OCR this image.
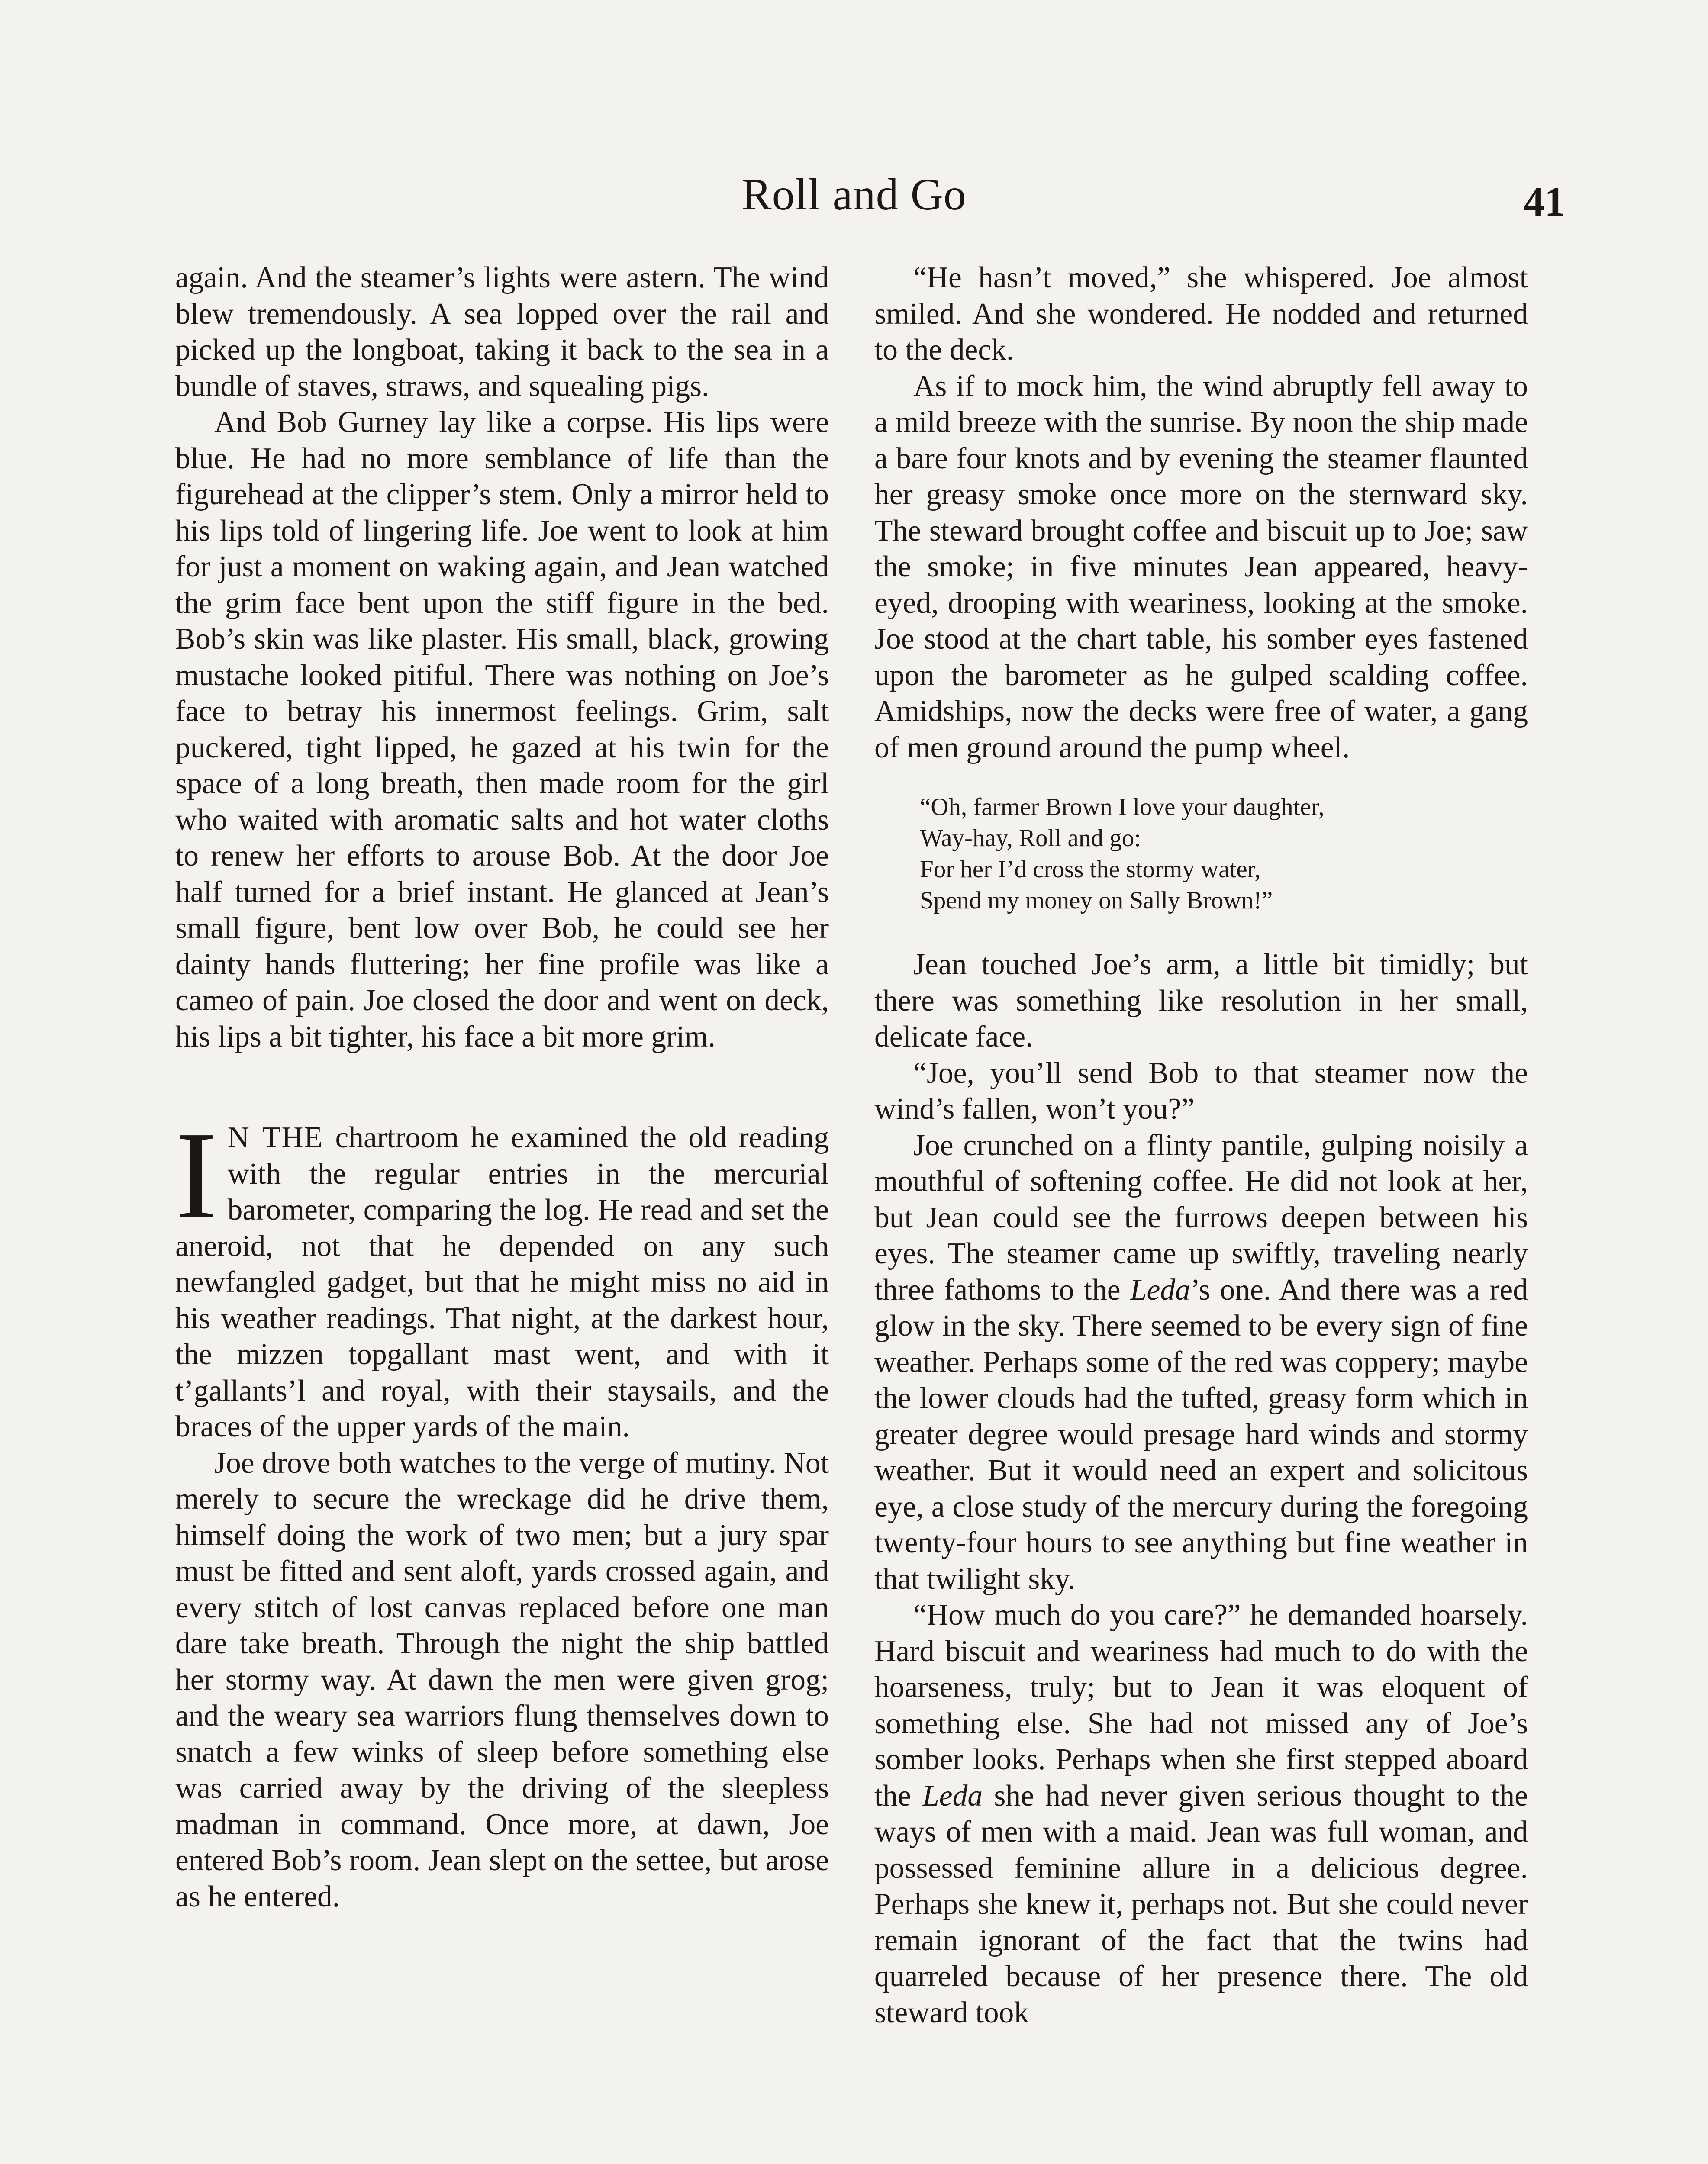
Roll and Go	41

again. And the steamer’s lights were astern. The wind blew tremendously. A sea lopped over the rail and picked up the longboat, taking it back to the sea in a bundle of staves, straws, and squealing pigs.

And Bob Gurney lay like a corpse. His lips were blue. He had no more semblance of life than the figurehead at the clipper’s stem. Only a mirror held to his lips told of lingering life. Joe went to look at him for just a moment on waking again, and Jean watched the grim face bent upon the stiff figure in the bed. Bob’s skin was like plaster. His small, black, growing mustache looked pitiful. There was nothing on Joe’s face to betray his innermost feelings. Grim, salt puckered, tight lipped, he gazed at his twin for the space of a long breath, then made room for the girl who waited with aromatic salts and hot water cloths to renew her efforts to arouse Bob. At the door Joe half turned for a brief instant. He glanced at Jean’s small figure, bent low over Bob, he could see her dainty hands fluttering; her fine profile was like a cameo of pain. Joe closed the door and went on deck, his lips a bit tighter, his face a bit more grim.

I N THE chartroom he examined the old reading with the regular entries in the mercurial barometer, comparing the log. He read and set the aneroid, not that he depended on any such newfangled gadget, but that he might miss no aid in his weather readings. That night, at the darkest hour, the mizzen topgallant mast went, and with it t’gallants’l and royal, with their staysails, and the braces of the upper yards of the main.

Joe drove both watches to the verge of mutiny. Not merely to secure the wreckage did he drive them, himself doing the work of two men; but a jury spar must be fitted and sent aloft, yards crossed again, and every stitch of lost canvas replaced before one man dare take breath. Through the night the ship battled her stormy way. At dawn the men were given grog; and the weary sea warriors flung themselves down to snatch a few winks of sleep before something else was carried away by the driving of the sleepless madman in command. Once more, at dawn, Joe entered Bob’s room. Jean slept on the settee, but arose as he entered.

“He hasn’t moved,” she whispered. Joe almost smiled. And she wondered. He nodded and returned to the deck.

As if to mock him, the wind abruptly fell away to a mild breeze with the sunrise. By noon the ship made a bare four knots and by evening the steamer flaunted her greasy smoke once more on the sternward sky. The steward brought coffee and biscuit up to Joe; saw the smoke; in five minutes Jean appeared, heavy-eyed, drooping with weariness, looking at the smoke. Joe stood at the chart table, his somber eyes fastened upon the barometer as he gulped scalding coffee. Amidships, now the decks were free of water, a gang of men ground around the pump wheel.

“Oh, farmer Brown I love your daughter,
Way-hay, Roll and go:
For her I’d cross the stormy water,
Spend my money on Sally Brown!”

Jean touched Joe’s arm, a little bit timidly; but there was something like resolution in her small, delicate face.

“Joe, you’ll send Bob to that steamer now the wind’s fallen, won’t you?”

Joe crunched on a flinty pantile, gulping noisily a mouthful of softening coffee. He did not look at her, but Jean could see the furrows deepen between his eyes. The steamer came up swiftly, traveling nearly three fathoms to the Leda’s one. And there was a red glow in the sky. There seemed to be every sign of fine weather. Perhaps some of the red was coppery; maybe the lower clouds had the tufted, greasy form which in greater degree would presage hard winds and stormy weather. But it would need an expert and solicitous eye, a close study of the mercury during the foregoing twenty-four hours to see anything but fine weather in that twilight sky.

“How much do you care?” he demanded hoarsely. Hard biscuit and weariness had much to do with the hoarseness, truly; but to Jean it was eloquent of something else. She had not missed any of Joe’s somber looks. Perhaps when she first stepped aboard the Leda she had never given serious thought to the ways of men with a maid. Jean was full woman, and possessed feminine allure in a delicious degree. Perhaps she knew it, perhaps not. But she could never remain ignorant of the fact that the twins had quarreled because of her presence there. The old steward took
